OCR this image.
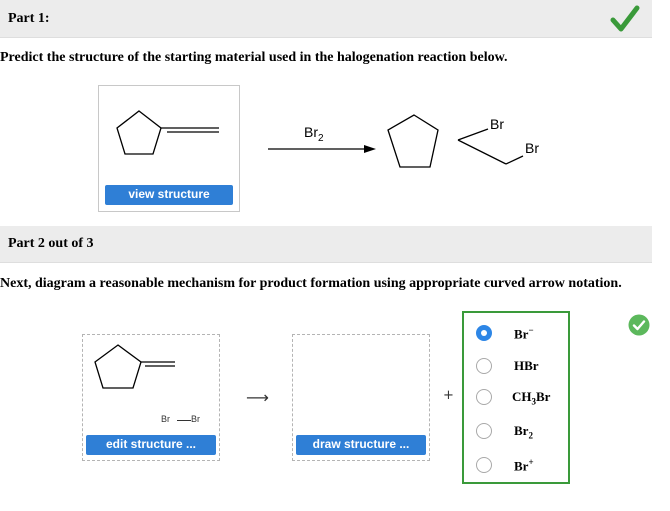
Part 1:
Predict the structure of the starting material used in the halogenation reaction below.
view structure
$Br_2$
Br
Br
Part 2 out of 3
Next, diagram a reasonable mechanism for product formation using appropriate curved arrow notation.
Br Br
edit structure ...
⟶
draw structure ...
+
Br−
HBr
$CH_3Br$
$Br_2$
Br+
